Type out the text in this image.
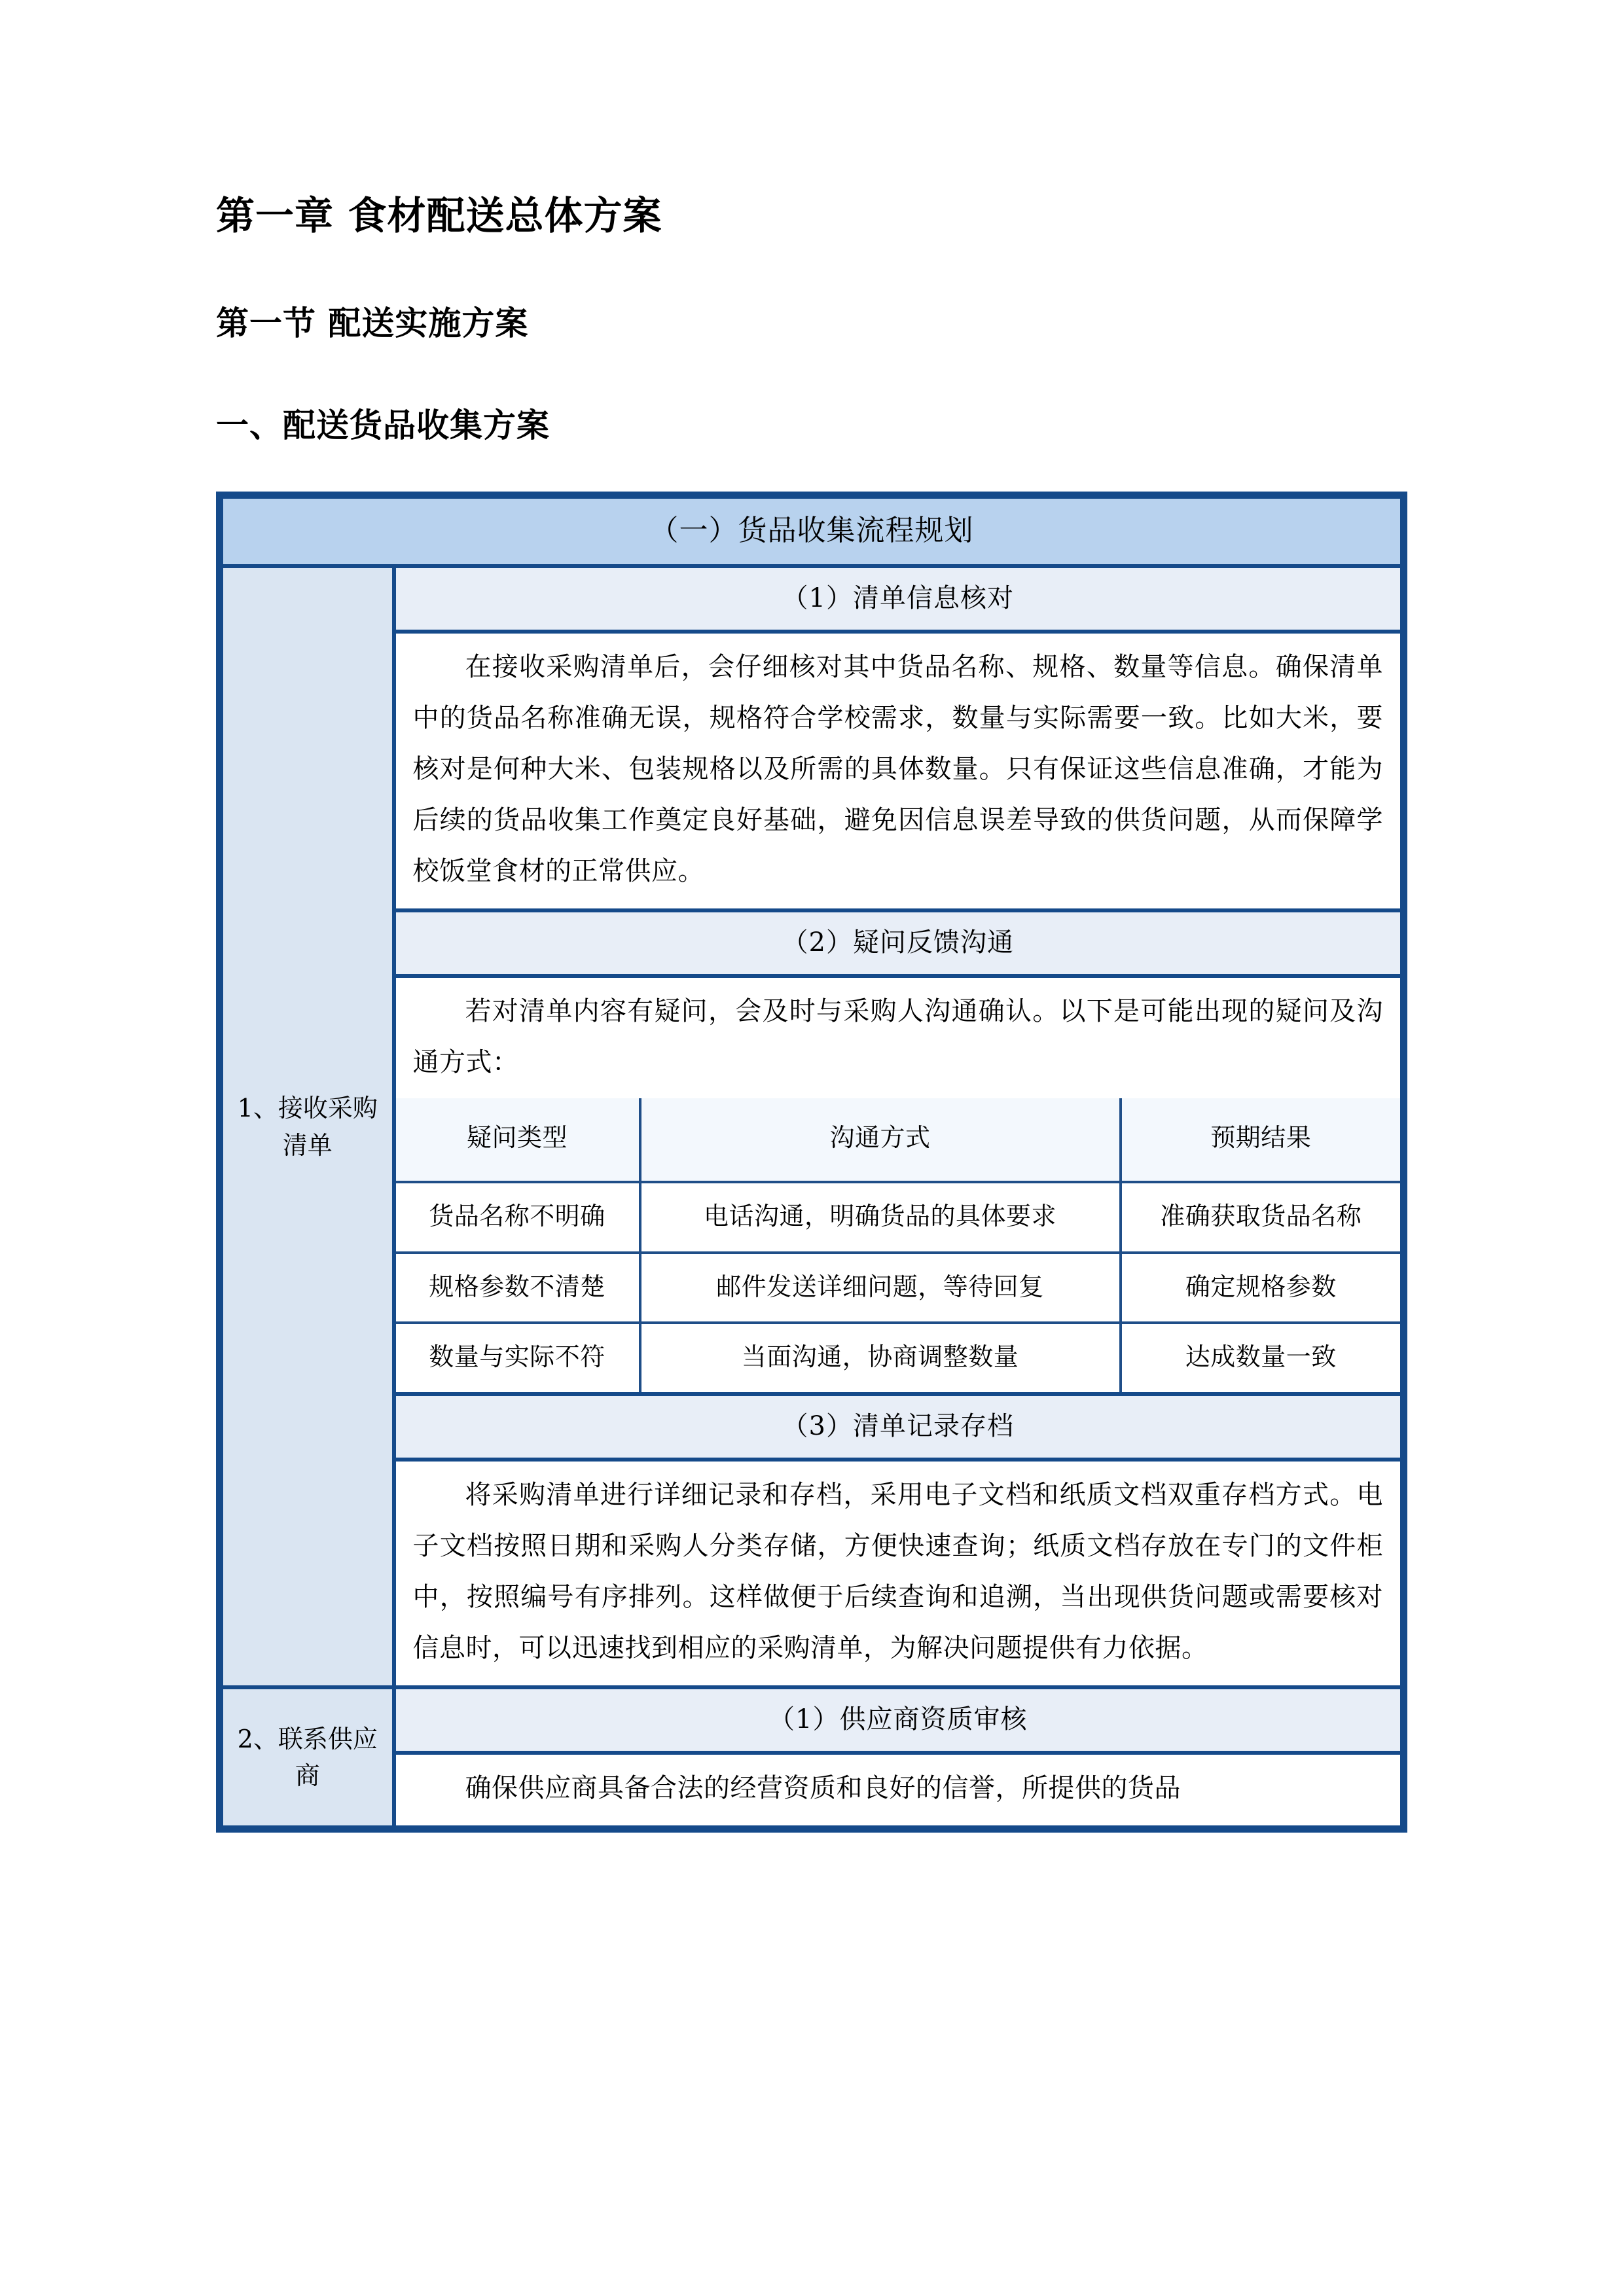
第一章 食材配送总体方案
第一节 配送实施方案
一、配送货品收集方案
（一）货品收集流程规划
1、接收采购清单	（1）清单信息核对

在接收采购清单后，会仔细核对其中货品名称、规格、数量等信息。确保清单中的货品名称准确无误，规格符合学校需求，数量与实际需要一致。比如大米，要核对是何种大米、包装规格以及所需的具体数量。只有保证这些信息准确，才能为后续的货品收集工作奠定良好基础，避免因信息误差导致的供货问题，从而保障学校饭堂食材的正常供应。

（2）疑问反馈沟通

若对清单内容有疑问，会及时与采购人沟通确认。以下是可能出现的疑问及沟通方式：

疑问类型	沟通方式	预期结果
货品名称不明确	电话沟通，明确货品的具体要求	准确获取货品名称
规格参数不清楚	邮件发送详细问题，等待回复	确定规格参数
数量与实际不符	当面沟通，协商调整数量	达成数量一致

（3）清单记录存档

将采购清单进行详细记录和存档，采用电子文档和纸质文档双重存档方式。电子文档按照日期和采购人分类存储，方便快速查询；纸质文档存放在专门的文件柜中，按照编号有序排列。这样做便于后续查询和追溯，当出现供货问题或需要核对信息时，可以迅速找到相应的采购清单，为解决问题提供有力依据。

2、联系供应商	（1）供应商资质审核

确保供应商具备合法的经营资质和良好的信誉，所提供的货品
